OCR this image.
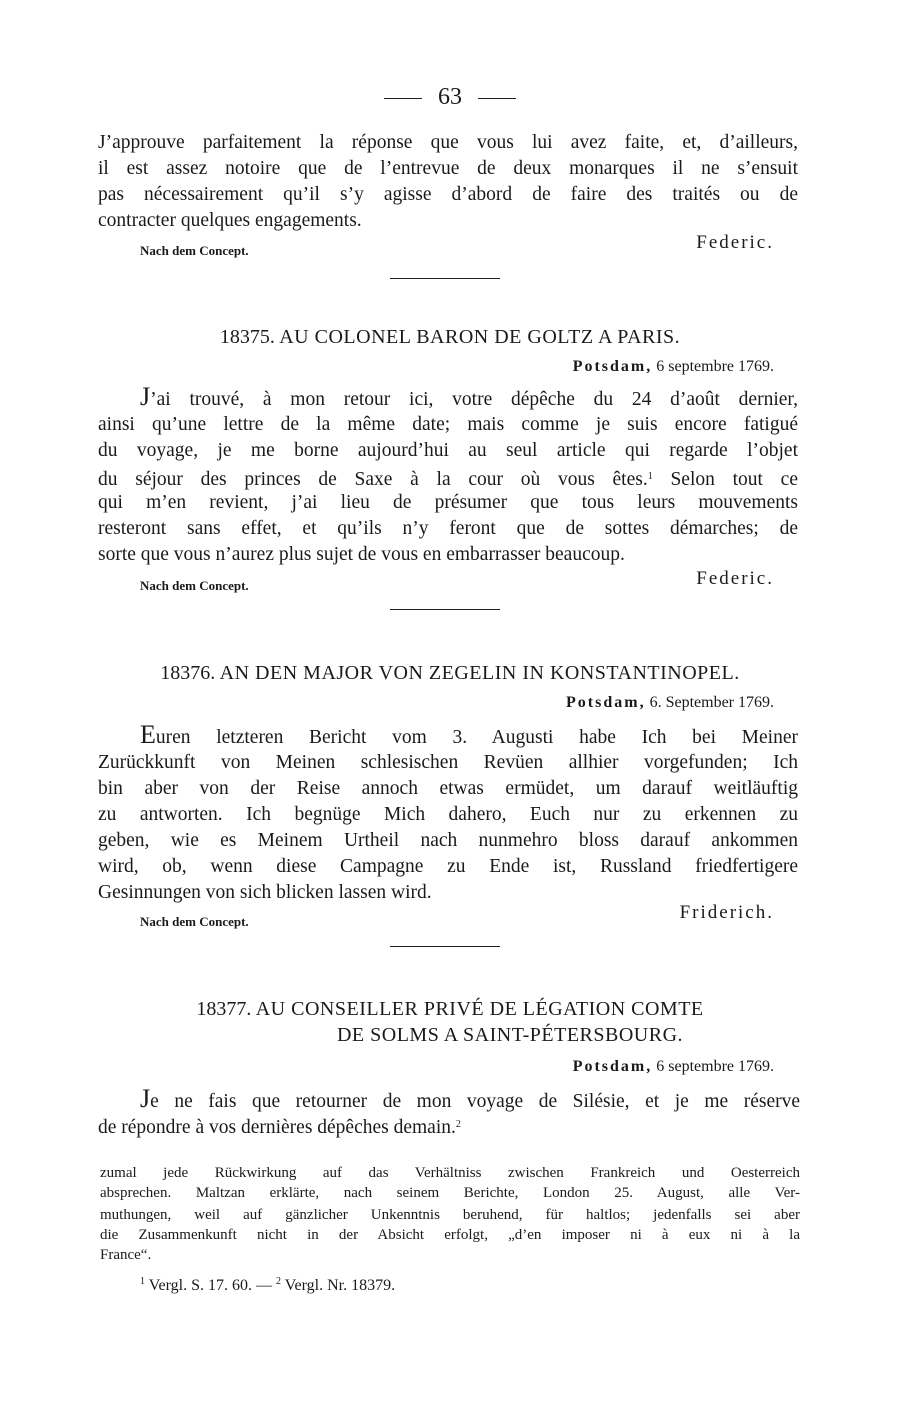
63
J’approuve parfaitement la réponse que vous lui avez faite, et, d’ailleurs,
il est assez notoire que de l’entrevue de deux monarques il ne s’ensuit
pas nécessairement qu’il s’y agisse d’abord de faire des traités ou de
contracter quelques engagements.
Nach dem Concept.	Federic.
18375. AU COLONEL BARON DE GOLTZ A PARIS.
Potsdam, 6 septembre 1769.
J’ai trouvé, à mon retour ici, votre dépêche du 24 d’août dernier,
ainsi qu’une lettre de la même date; mais comme je suis encore fatigué
du voyage, je me borne aujourd’hui au seul article qui regarde l’objet
du séjour des princes de Saxe à la cour où vous êtes.$^1$ Selon tout ce
qui m’en revient, j’ai lieu de présumer que tous leurs mouvements
resteront sans effet, et qu’ils n’y feront que de sottes démarches; de
sorte que vous n’aurez plus sujet de vous en embarrasser beaucoup.
Nach dem Concept.	Federic.
18376. AN DEN MAJOR VON ZEGELIN IN KONSTANTINOPEL.
Potsdam, 6. September 1769.
Euren letzteren Bericht vom 3. Augusti habe Ich bei Meiner
Zurückkunft von Meinen schlesischen Revüen allhier vorgefunden; Ich
bin aber von der Reise annoch etwas ermüdet, um darauf weitläuftig
zu antworten. Ich begnüge Mich dahero, Euch nur zu erkennen zu
geben, wie es Meinem Urtheil nach nunmehro bloss darauf ankommen
wird, ob, wenn diese Campagne zu Ende ist, Russland friedfertigere
Gesinnungen von sich blicken lassen wird.
Nach dem Concept.	Friderich.
18377. AU CONSEILLER PRIVÉ DE LÉGATION COMTE
DE SOLMS A SAINT-PÉTERSBOURG.
Potsdam, 6 septembre 1769.
Je ne fais que retourner de mon voyage de Silésie, et je me réserve
de répondre à vos dernières dépêches demain.$^2$
zumal jede Rückwirkung auf das Verhältniss zwischen Frankreich und Oesterreich
absprechen. Maltzan erklärte, nach seinem Berichte, London 25. August, alle Ver-
muthungen, weil auf gänzlicher Unkenntnis beruhend, für haltlos; jedenfalls sei aber
die Zusammenkunft nicht in der Absicht erfolgt, „d’en imposer ni à eux ni à la
France“.
$^1$ Vergl. S. 17. 60. — $^2$ Vergl. Nr. 18379.
